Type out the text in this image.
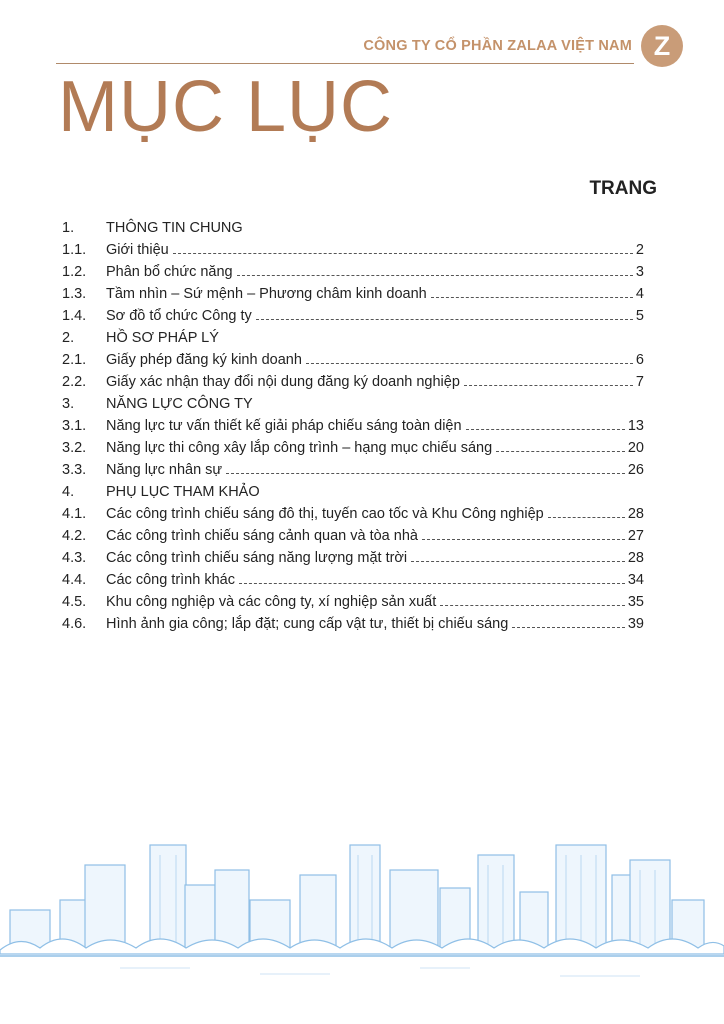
CÔNG TY CỔ PHẦN ZALAA VIỆT NAM Z
MỤC LỤC
TRANG
1. THÔNG TIN CHUNG
1.1. Giới thiệu	2
1.2. Phân bổ chức năng	3
1.3. Tầm nhìn – Sứ mệnh – Phương châm kinh doanh	4
1.4. Sơ đồ tổ chức Công ty	5
2. HỒ SƠ PHÁP LÝ
2.1. Giấy phép đăng ký kinh doanh	6
2.2. Giấy xác nhận thay đổi nội dung đăng ký doanh nghiệp	7
3. NĂNG LỰC CÔNG TY
3.1. Năng lực tư vấn thiết kế giải pháp chiếu sáng toàn diện	13
3.2. Năng lực thi công xây lắp công trình – hạng mục chiếu sáng	20
3.3. Năng lực nhân sự	26
4. PHỤ LỤC THAM KHẢO
4.1. Các công trình chiếu sáng đô thị, tuyến cao tốc và Khu Công nghiệp	28
4.2. Các công trình chiếu sáng cảnh quan và tòa nhà	27
4.3. Các công trình chiếu sáng năng lượng mặt trời	28
4.4. Các công trình khác	34
4.5. Khu công nghiệp và các công ty, xí nghiệp sản xuất	35
4.6. Hình ảnh gia công; lắp đặt; cung cấp vật tư, thiết bị chiếu sáng	39
